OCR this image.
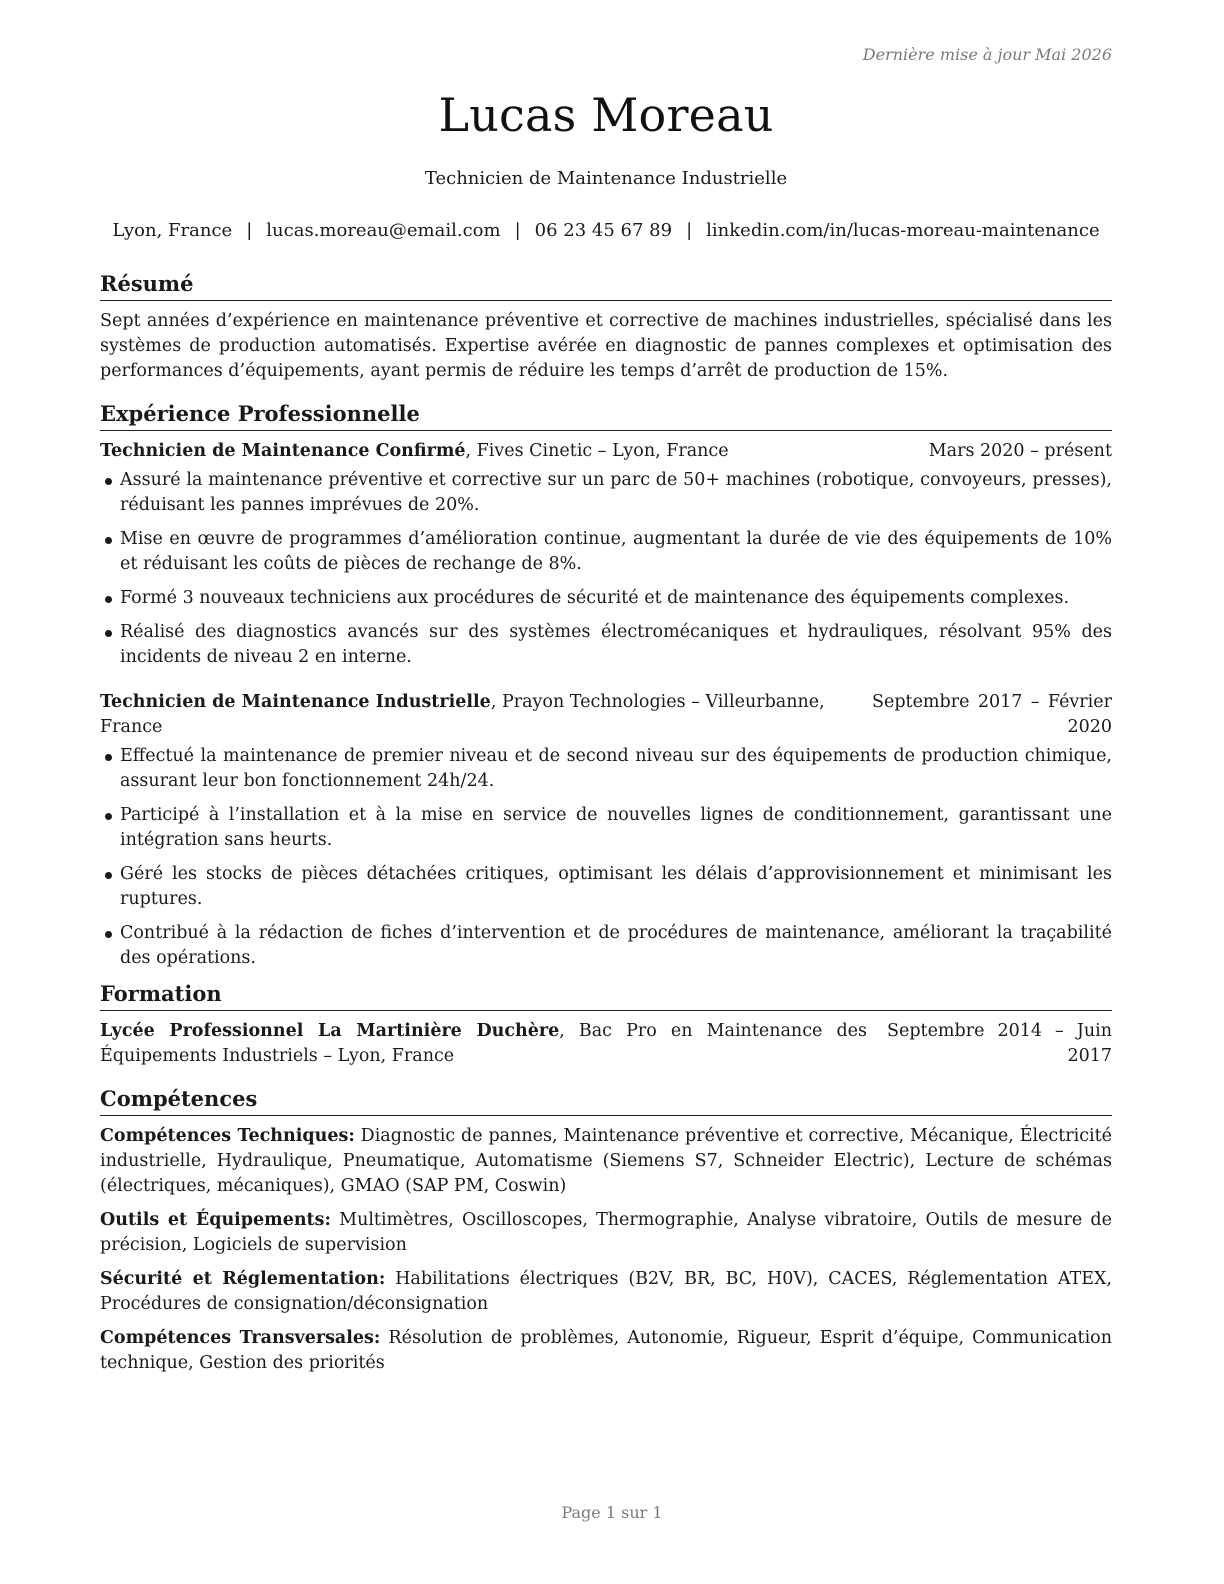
Dernière mise à jour Mai 2026
Lucas Moreau
Technicien de Maintenance Industrielle
Lyon, France | lucas.moreau@email.com | 06 23 45 67 89 | linkedin.com/in/lucas-moreau-maintenance
Résumé

Sept années d’expérience en maintenance préventive et corrective de machines industrielles, spécialisé dans les systèmes de production automatisés. Expertise avérée en diagnostic de pannes complexes et optimisation des performances d’équipements, ayant permis de réduire les temps d’arrêt de production de 15%.

Expérience Professionnelle
Technicien de Maintenance Confirmé, Fives Cinetic – Lyon, France	Mars 2020 – présent
Assuré la maintenance préventive et corrective sur un parc de 50+ machines (robotique, convoyeurs, presses), réduisant les pannes imprévues de 20%.
Mise en œuvre de programmes d’amélioration continue, augmentant la durée de vie des équipements de 10% et réduisant les coûts de pièces de rechange de 8%.
Formé 3 nouveaux techniciens aux procédures de sécurité et de maintenance des équipements complexes.
Réalisé des diagnostics avancés sur des systèmes électromécaniques et hydrauliques, résolvant 95% des incidents de niveau 2 en interne.
Technicien de Maintenance Industrielle, Prayon Technologies – Villeurbanne, France
Septembre 2017 – Février 2020
Effectué la maintenance de premier niveau et de second niveau sur des équipements de production chimique, assurant leur bon fonctionnement 24h/24.
Participé à l’installation et à la mise en service de nouvelles lignes de conditionnement, garantissant une intégration sans heurts.
Géré les stocks de pièces détachées critiques, optimisant les délais d’approvisionnement et minimisant les ruptures.
Contribué à la rédaction de fiches d’intervention et de procédures de maintenance, améliorant la traçabilité des opérations.
Formation
Lycée Professionnel La Martinière Duchère, Bac Pro en Maintenance des Équipements Industriels – Lyon, France
Septembre 2014 – Juin 2017
Compétences

Compétences Techniques: Diagnostic de pannes, Maintenance préventive et corrective, Mécanique, Électricité industrielle, Hydraulique, Pneumatique, Automatisme (Siemens S7, Schneider Electric), Lecture de schémas (électriques, mécaniques), GMAO (SAP PM, Coswin)

Outils et Équipements: Multimètres, Oscilloscopes, Thermographie, Analyse vibratoire, Outils de mesure de précision, Logiciels de supervision

Sécurité et Réglementation: Habilitations électriques (B2V, BR, BC, H0V), CACES, Réglementation ATEX, Procédures de consignation/déconsignation

Compétences Transversales: Résolution de problèmes, Autonomie, Rigueur, Esprit d’équipe, Communication technique, Gestion des priorités

Page 1 sur 1
